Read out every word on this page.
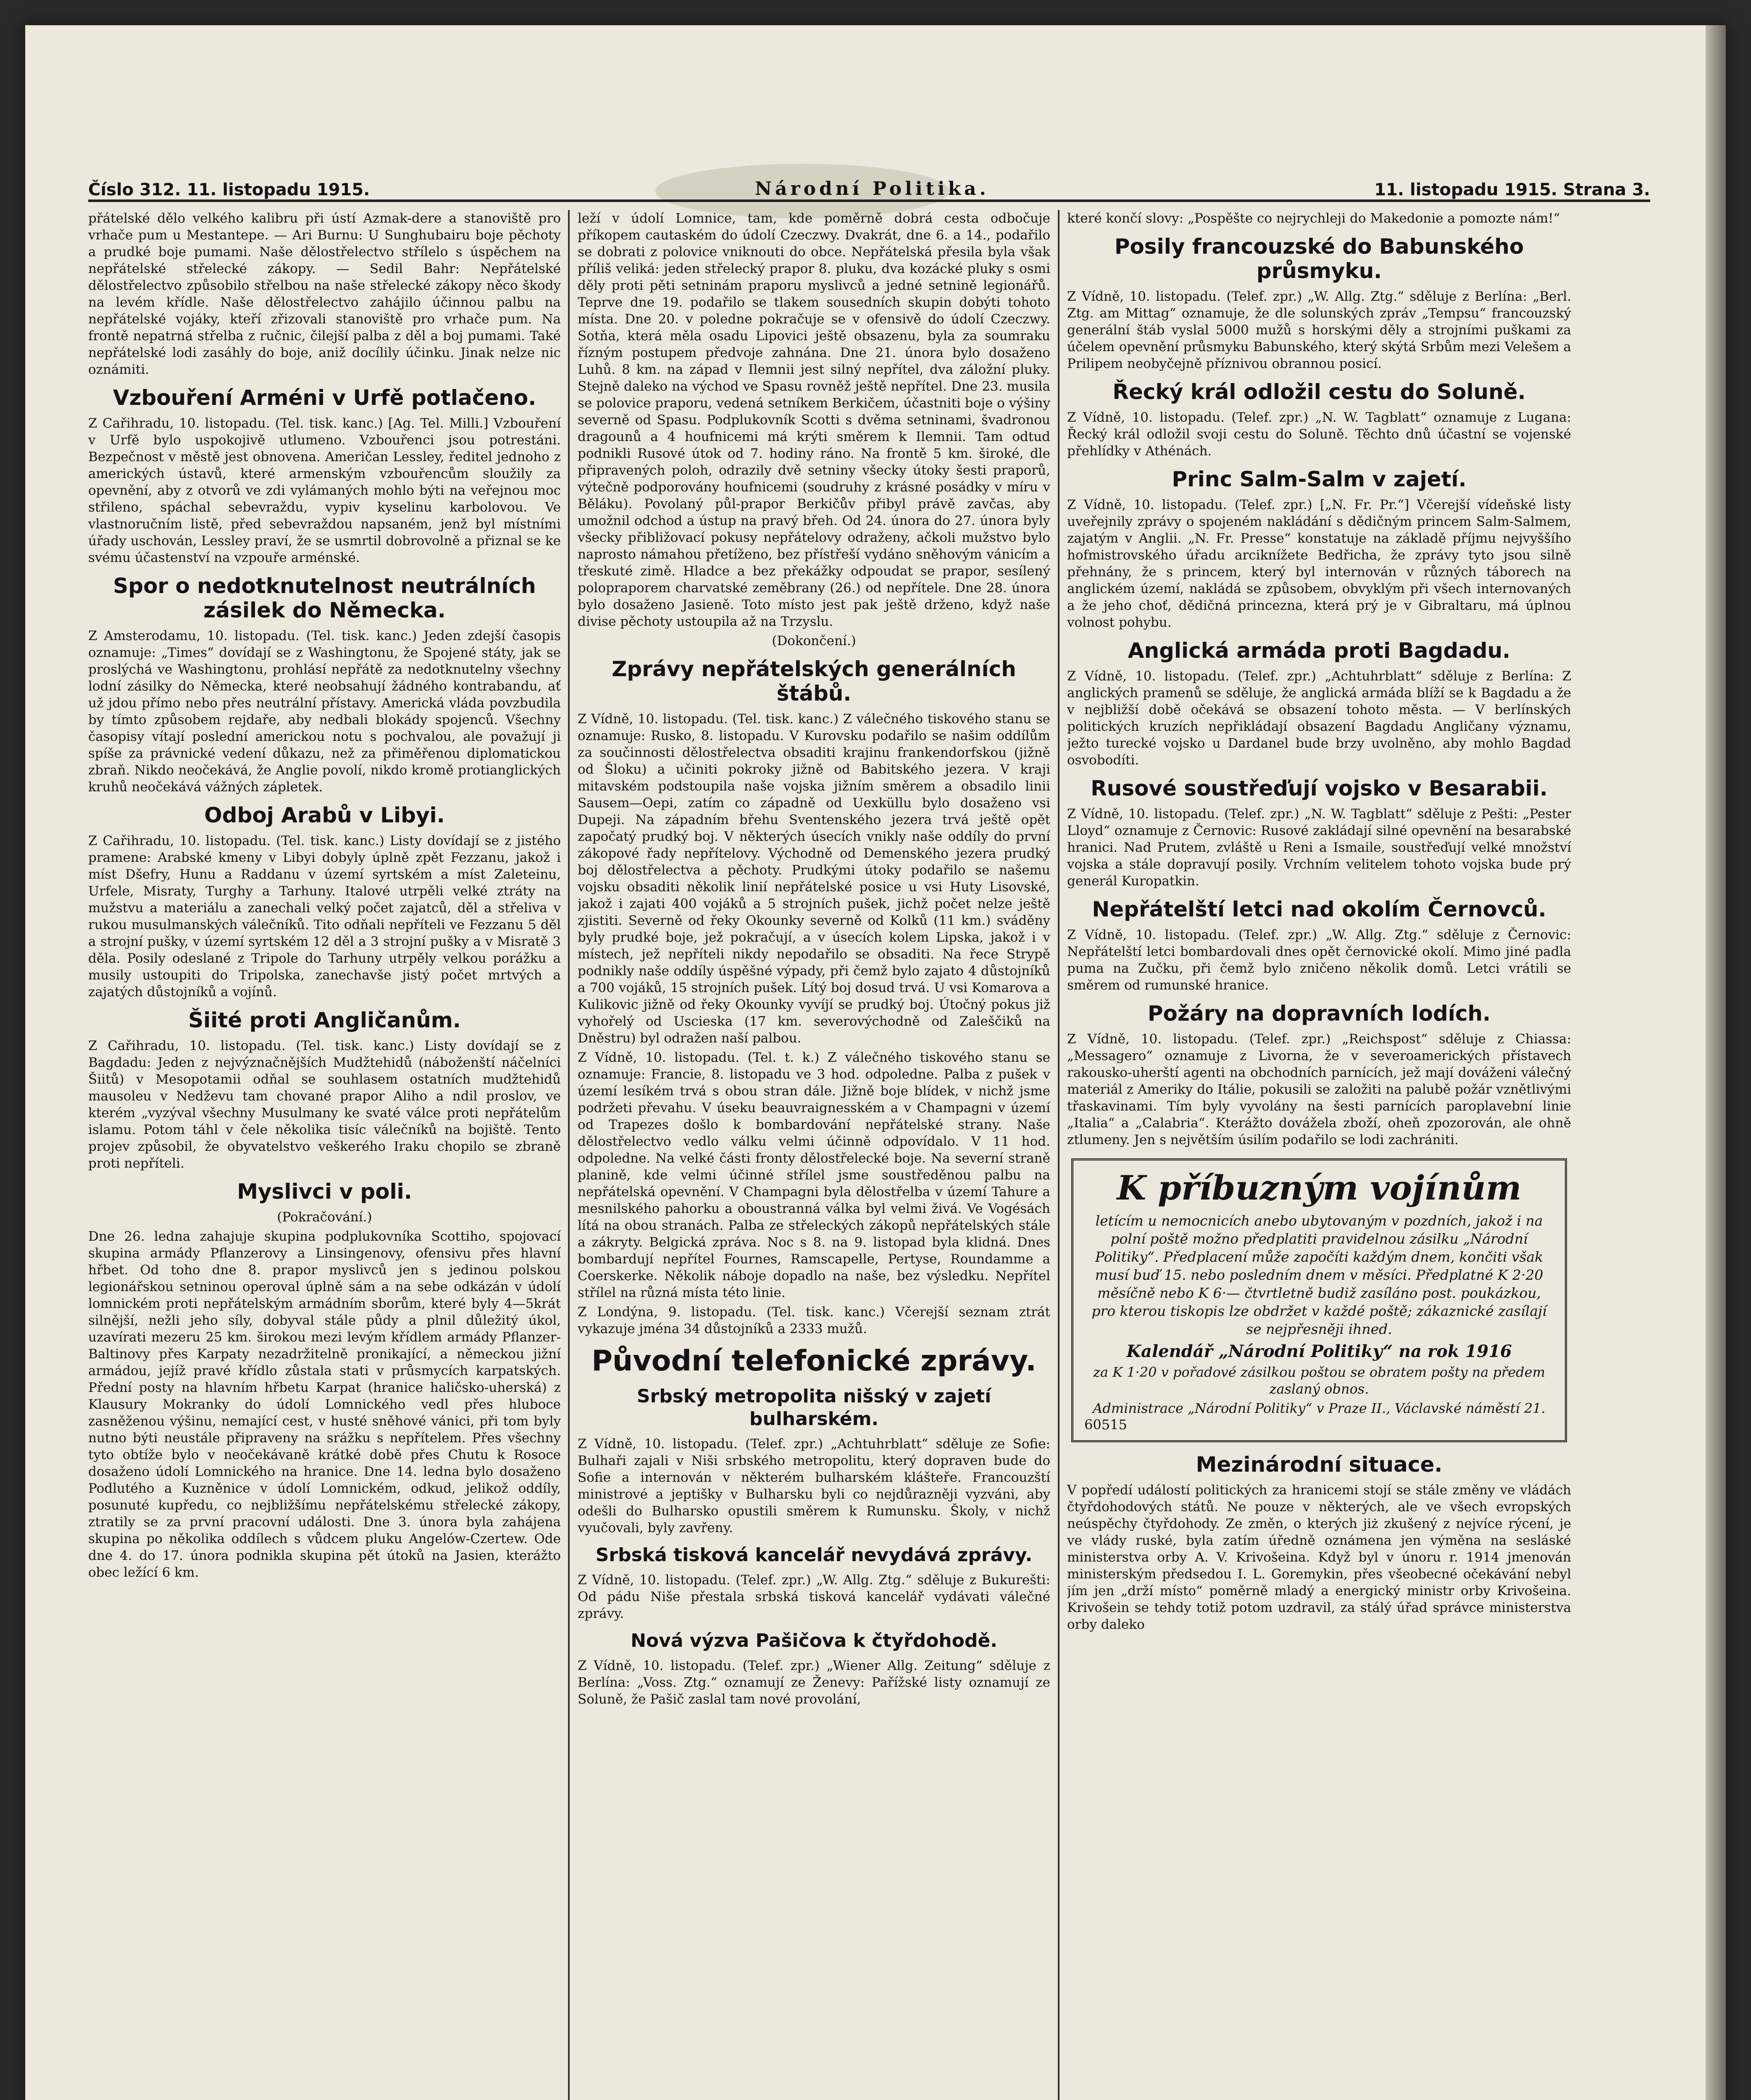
Číslo 312. 11. listopadu 1915.	Národní Politika.	11. listopadu 1915. Strana 3.

přátelské dělo velkého kalibru při ústí Azmak-dere a stanoviště pro vrhače pum u Mestantepe. — Ari Burnu: U Sunghubairu boje pěchoty a prudké boje pumami. Naše dělostřelectvo střílelo s úspěchem na nepřátelské střelecké zákopy. — Sedil Bahr: Nepřátelské dělostřelectvo způsobilo střelbou na naše střelecké zákopy něco škody na levém křídle. Naše dělostřelectvo zahájilo účinnou palbu na nepřátelské vojáky, kteří zřizovali stanoviště pro vrhače pum. Na frontě nepatrná střelba z ručnic, čilejší palba z děl a boj pumami. Také nepřátelské lodi zasáhly do boje, aniž docílily účinku. Jinak nelze nic oznámiti.

Vzbouření Arméni v Urfě potlačeno.

Z Cařihradu, 10. listopadu. (Tel. tisk. kanc.) [Ag. Tel. Milli.] Vzbouření v Urfě bylo uspokojivě utlumeno. Vzbouřenci jsou potrestáni. Bezpečnost v městě jest obnovena. Američan Lessley, ředitel jednoho z amerických ústavů, které armenským vzbouřencům sloužily za opevnění, aby z otvorů ve zdi vylámaných mohlo býti na veřejnou moc střileno, spáchal sebevraždu, vypiv kyselinu karbolovou. Ve vlastnoručním listě, před sebevraždou napsaném, jenž byl místními úřady uschován, Lessley praví, že se usmrtil dobrovolně a přiznal se ke svému účastenství na vzpouře arménské.

Spor o nedotknutelnost neutrálních zásilek do Německa.

Z Amsterodamu, 10. listopadu. (Tel. tisk. kanc.) Jeden zdejší časopis oznamuje: „Times“ dovídají se z Washingtonu, že Spojené státy, jak se proslýchá ve Washingtonu, prohlásí nepřátě za nedotknutelny všechny lodní zásilky do Německa, které neobsahují žádného kontrabandu, ať už jdou přímo nebo přes neutrální přístavy. Americká vláda povzbudila by tímto způsobem rejdaře, aby nedbali blokády spojenců. Všechny časopisy vítají poslední americkou notu s pochvalou, ale považují ji spíše za právnické vedení důkazu, než za přiměřenou diplomatickou zbraň. Nikdo neočekává, že Anglie povolí, nikdo kromě protianglických kruhů neočekává vážných zápletek.

Odboj Arabů v Libyi.

Z Cařihradu, 10. listopadu. (Tel. tisk. kanc.) Listy dovídají se z jistého pramene: Arabské kmeny v Libyi dobyly úplně zpět Fezzanu, jakož i míst Dšefry, Hunu a Raddanu v území syrtském a míst Zaleteinu, Urfele, Misraty, Turghy a Tarhuny. Italové utrpěli velké ztráty na mužstvu a materiálu a zanechali velký počet zajatců, děl a střeliva v rukou musulmanských válečníků. Tito odňali nepříteli ve Fezzanu 5 děl a strojní pušky, v území syrtském 12 děl a 3 strojní pušky a v Misratě 3 děla. Posily odeslané z Tripole do Tarhuny utrpěly velkou porážku a musily ustoupiti do Tripolska, zanechavše jistý počet mrtvých a zajatých důstojníků a vojínů.

Šiité proti Angličanům.

Z Cařihradu, 10. listopadu. (Tel. tisk. kanc.) Listy dovídají se z Bagdadu: Jeden z nejvýznačnějších Mudžtehidů (náboženští náčelníci Šiitů) v Mesopotamii odňal se souhlasem ostatních mudžtehidů mausoleu v Nedževu tam chované prapor Aliho a ndil proslov, ve kterém „vyzýval všechny Musulmany ke svaté válce proti nepřátelům islamu. Potom táhl v čele několika tisíc válečníků na bojiště. Tento projev způsobil, že obyvatelstvo veškerého Iraku chopilo se zbraně proti nepříteli.

Myslivci v poli.

(Pokračování.)

Dne 26. ledna zahajuje skupina podplukovníka Scottiho, spojovací skupina armády Pflanzerovy a Linsingenovy, ofensivu přes hlavní hřbet. Od toho dne 8. prapor myslivců jen s jedinou polskou legionářskou setninou operoval úplně sám a na sebe odkázán v údolí lomnickém proti nepřátelským armádním sborům, které byly 4—5krát silnější, nežli jeho síly, dobyval stále půdy a plnil důležitý úkol, uzavírati mezeru 25 km. širokou mezi levým křídlem armády Pflanzer-Baltinovy přes Karpaty nezadržitelně pronikající, a německou jižní armádou, jejíž pravé křídlo zůstala stati v průsmycích karpatských. Přední posty na hlavním hřbetu Karpat (hranice haličsko-uherská) z Klausury Mokranky do údolí Lomnického vedl přes hluboce zasněženou výšinu, nemající cest, v husté sněhové vánici, při tom byly nutno býti neustále připraveny na srážku s nepřítelem. Přes všechny tyto obtíže bylo v neočekávaně krátké době přes Chutu k Rosoce dosaženo údolí Lomnického na hranice. Dne 14. ledna bylo dosaženo Podlutého a Kuzněnice v údolí Lomnickém, odkud, jelikož oddíly, posunuté kupředu, co nejbližšímu nepřátelskému střelecké zákopy, ztratily se za první pracovní události. Dne 3. února byla zahájena skupina po několika oddílech s vůdcem pluku Angelów-Czertew. Ode dne 4. do 17. února podnikla skupina pět útoků na Jasien, kterážto obec ležící 6 km.

leží v údolí Lomnice, tam, kde poměrně dobrá cesta odbočuje příkopem cautaském do údolí Czeczwy. Dvakrát, dne 6. a 14., podařilo se dobrati z polovice vniknouti do obce. Nepřátelská přesila byla však příliš veliká: jeden střelecký prapor 8. pluku, dva kozácké pluky s osmi děly proti pěti setninám praporu myslivců a jedné setnině legionářů. Teprve dne 19. podařilo se tlakem sousedních skupin dobýti tohoto místa. Dne 20. v poledne pokračuje se v ofensivě do údolí Czeczwy. Sotňa, která měla osadu Lipovici ještě obsazenu, byla za soumraku řízným postupem předvoje zahnána. Dne 21. února bylo dosaženo Luhů. 8 km. na západ v Ilemnii jest silný nepřítel, dva záložní pluky. Stejně daleko na východ ve Spasu rovněž ještě nepřítel. Dne 23. musila se polovice praporu, vedená setníkem Berkičem, účastniti boje o výšiny severně od Spasu. Podplukovník Scotti s dvěma setninami, švadronou dragounů a 4 houfnicemi má krýti směrem k Ilemnii. Tam odtud podnikli Rusové útok od 7. hodiny ráno. Na frontě 5 km. široké, dle připravených poloh, odrazily dvě setniny všecky útoky šesti praporů, výtečně podporovány houfnicemi (soudruhy z krásné posádky v míru v Běláku). Povolaný půl-prapor Berkičův přibyl právě zavčas, aby umožnil odchod a ústup na pravý břeh. Od 24. února do 27. února byly všecky přibližovací pokusy nepřátelovy odraženy, ačkoli mužstvo bylo naprosto námahou přetíženo, bez přístřeší vydáno sněhovým vánicím a třeskuté zimě. Hladce a bez překážky odpoudat se prapor, sesílený polopraporem charvatské zeměbrany (26.) od nepřítele. Dne 28. února bylo dosaženo Jasieně. Toto místo jest pak ještě drženo, když naše divise pěchoty ustoupila až na Trzyslu.

(Dokončení.)

Zprávy nepřátelských generálních štábů.

Z Vídně, 10. listopadu. (Tel. tisk. kanc.) Z válečného tiskového stanu se oznamuje: Rusko, 8. listopadu. V Kurovsku podařilo se našim oddílům za součinnosti dělostřelectva obsaditi krajinu frankendorfskou (jižně od Šloku) a učiniti pokroky jižně od Babitského jezera. V kraji mitavském podstoupila naše vojska jižním směrem a obsadilo linii Sausem—Oepi, zatím co západně od Uexküllu bylo dosaženo vsi Dupeji. Na západním břehu Sventenského jezera trvá ještě opět započatý prudký boj. V některých úsecích vnikly naše oddíly do první zákopové řady nepřítelovy. Východně od Demenského jezera prudký boj dělostřelectva a pěchoty. Prudkými útoky podařilo se našemu vojsku obsaditi několik linií nepřátelské posice u vsi Huty Lisovské, jakož i zajati 400 vojáků a 5 strojních pušek, jichž počet nelze ještě zjistiti. Severně od řeky Okounky severně od Kolků (11 km.) sváděny byly prudké boje, jež pokračují, a v úsecích kolem Lipska, jakož i v místech, jež nepříteli nikdy nepodařilo se obsaditi. Na řece Strypě podnikly naše oddíly úspěšné výpady, při čemž bylo zajato 4 důstojníků a 700 vojáků, 15 strojních pušek. Lítý boj dosud trvá. U vsi Komarova a Kulikovic jižně od řeky Okounky vyvíjí se prudký boj. Útočný pokus již vyhořelý od Uscieska (17 km. severovýchodně od Zaleščiků na Dněstru) byl odražen naší palbou.

Z Vídně, 10. listopadu. (Tel. t. k.) Z válečného tiskového stanu se oznamuje: Francie, 8. listopadu ve 3 hod. odpoledne. Palba z pušek v území lesíkém trvá s obou stran dále. Jižně boje blídek, v nichž jsme podržeti převahu. V úseku beauvraignesském a v Champagni v území od Trapezes došlo k bombardování nepřátelské strany. Naše dělostřelectvo vedlo válku velmi účinně odpovídalo. V 11 hod. odpoledne. Na velké části fronty dělostřelecké boje. Na severní straně planině, kde velmi účinné střílel jsme soustředěnou palbu na nepřátelská opevnění. V Champagni byla dělostřelba v území Tahure a mesnilského pahorku a oboustranná válka byl velmi živá. Ve Vogésách lítá na obou stranách. Palba ze střeleckých zákopů nepřátelských stále a zákryty. Belgická zpráva. Noc s 8. na 9. listopad byla klidná. Dnes bombardují nepřítel Fournes, Ramscapelle, Pertyse, Roundamme a Coerskerke. Několik náboje dopadlo na naše, bez výsledku. Nepřítel střílel na různá místa této linie.

Z Londýna, 9. listopadu. (Tel. tisk. kanc.) Včerejší seznam ztrát vykazuje jména 34 důstojníků a 2333 mužů.

Původní telefonické zprávy.
Srbský metropolita nišský v zajetí bulharském.

Z Vídně, 10. listopadu. (Telef. zpr.) „Achtuhrblatt“ sděluje ze Sofie: Bulhaři zajali v Niši srbského metropolitu, který dopraven bude do Sofie a internován v některém bulharském klášteře. Francouzští ministrové a jeptišky v Bulharsku byli co nejdůrazněji vyzváni, aby odešli do Bulharsko opustili směrem k Rumunsku. Školy, v nichž vyučovali, byly zavřeny.

Srbská tisková kancelář nevydává zprávy.

Z Vídně, 10. listopadu. (Telef. zpr.) „W. Allg. Ztg.“ sděluje z Bukurešti: Od pádu Niše přestala srbská tisková kancelář vydávati válečné zprávy.

Nová výzva Pašičova k čtyřdohodě.

Z Vídně, 10. listopadu. (Telef. zpr.) „Wiener Allg. Zeitung“ sděluje z Berlína: „Voss. Ztg.“ oznamují ze Ženevy: Pařížské listy oznamují ze Soluně, že Pašič zaslal tam nové provolání,

které končí slovy: „Pospěšte co nejrychleji do Makedonie a pomozte nám!“

Posily francouzské do Babunského průsmyku.

Z Vídně, 10. listopadu. (Telef. zpr.) „W. Allg. Ztg.“ sděluje z Berlína: „Berl. Ztg. am Mittag“ oznamuje, že dle solunských zpráv „Tempsu“ francouzský generální štáb vyslal 5000 mužů s horskými děly a strojními puškami za účelem opevnění průsmyku Babunského, který skýtá Srbům mezi Velešem a Prilipem neobyčejně příznivou obrannou posicí.

Řecký král odložil cestu do Soluně.

Z Vídně, 10. listopadu. (Telef. zpr.) „N. W. Tagblatt“ oznamuje z Lugana: Řecký král odložil svoji cestu do Soluně. Těchto dnů účastní se vojenské přehlídky v Athénách.

Princ Salm-Salm v zajetí.

Z Vídně, 10. listopadu. (Telef. zpr.) [„N. Fr. Pr.“] Včerejší vídeňské listy uveřejnily zprávy o spojeném nakládání s dědičným princem Salm-Salmem, zajatým v Anglii. „N. Fr. Presse“ konstatuje na základě příjmu nejvyššího hofmistrovského úřadu arciknížete Bedřicha, že zprávy tyto jsou silně přehnány, že s princem, který byl internován v různých táborech na anglickém území, nakládá se způsobem, obvyklým při všech internovaných a že jeho choť, dědičná princezna, která prý je v Gibraltaru, má úplnou volnost pohybu.

Anglická armáda proti Bagdadu.

Z Vídně, 10. listopadu. (Telef. zpr.) „Achtuhrblatt“ sděluje z Berlína: Z anglických pramenů se sděluje, že anglická armáda blíží se k Bagdadu a že v nejbližší době očekává se obsazení tohoto města. — V berlínských politických kruzích nepřikládají obsazení Bagdadu Angličany významu, ježto turecké vojsko u Dardanel bude brzy uvolněno, aby mohlo Bagdad osvobodíti.

Rusové soustřeďují vojsko v Besarabii.

Z Vídně, 10. listopadu. (Telef. zpr.) „N. W. Tagblatt“ sděluje z Pešti: „Pester Lloyd“ oznamuje z Černovic: Rusové zakládají silné opevnění na besarabské hranici. Nad Prutem, zvláště u Reni a Ismaile, soustřeďují velké množství vojska a stále dopravují posily. Vrchním velitelem tohoto vojska bude prý generál Kuropatkin.

Nepřátelští letci nad okolím Černovců.

Z Vídně, 10. listopadu. (Telef. zpr.) „W. Allg. Ztg.“ sděluje z Černovic: Nepřátelští letci bombardovali dnes opět černovické okolí. Mimo jiné padla puma na Zučku, při čemž bylo zničeno několik domů. Letci vrátili se směrem od rumunské hranice.

Požáry na dopravních lodích.

Z Vídně, 10. listopadu. (Telef. zpr.) „Reichspost“ sděluje z Chiassa: „Messagero“ oznamuje z Livorna, že v severoamerických přístavech rakousko-uherští agenti na obchodních parnících, jež mají dováženi válečný materiál z Ameriky do Itálie, pokusili se založiti na palubě požár vznětlivými třaskavinami. Tím byly vyvolány na šesti parnících paroplavební linie „Italia“ a „Calabria“. Kterážto dovážela zboží, oheň zpozorován, ale ohně ztlumeny. Jen s největším úsilím podařilo se lodi zachrániti.

K příbuzným vojínům
letícím u nemocnicích anebo ubytovaným v pozdních, jakož i na polní poště možno předplatiti pravidelnou zásilku „Národní Politiky“. Předplacení může započíti každým dnem, končiti však musí buď 15. nebo posledním dnem v měsíci. Předplatné K 2·20 měsíčně nebo K 6·— čtvrtletně budiž zasíláno post. poukázkou, pro kterou tiskopis lze obdržet v každé poště; zákaznické zasílají se nejpřesněji ihned.
Kalendář „Národní Politiky“ na rok 1916
za K 1·20 v pořadové zásilkou poštou se obratem pošty na předem zaslaný obnos.
Administrace „Národní Politiky“ v Praze II., Václavské náměstí 21.
60515
Mezinárodní situace.

V popředí událostí politických za hranicemi stojí se stále změny ve vládách čtyřdohodových států. Ne pouze v některých, ale ve všech evropských neúspěchy čtyřdohody. Ze změn, o kterých jiż zkušený z nejvíce rýcení, je ve vlády ruské, byla zatím úředně oznámena jen výměna na sesláské ministerstva orby A. V. Krivošeina. Když byl v únoru r. 1914 jmenován ministerským předsedou I. L. Goremykin, přes všeobecné očekávání nebyl jím jen „drží místo“ poměrně mladý a energický ministr orby Krivošeina. Krivošein se tehdy totiž potom uzdravil, za stálý úřad správce ministerstva orby daleko
